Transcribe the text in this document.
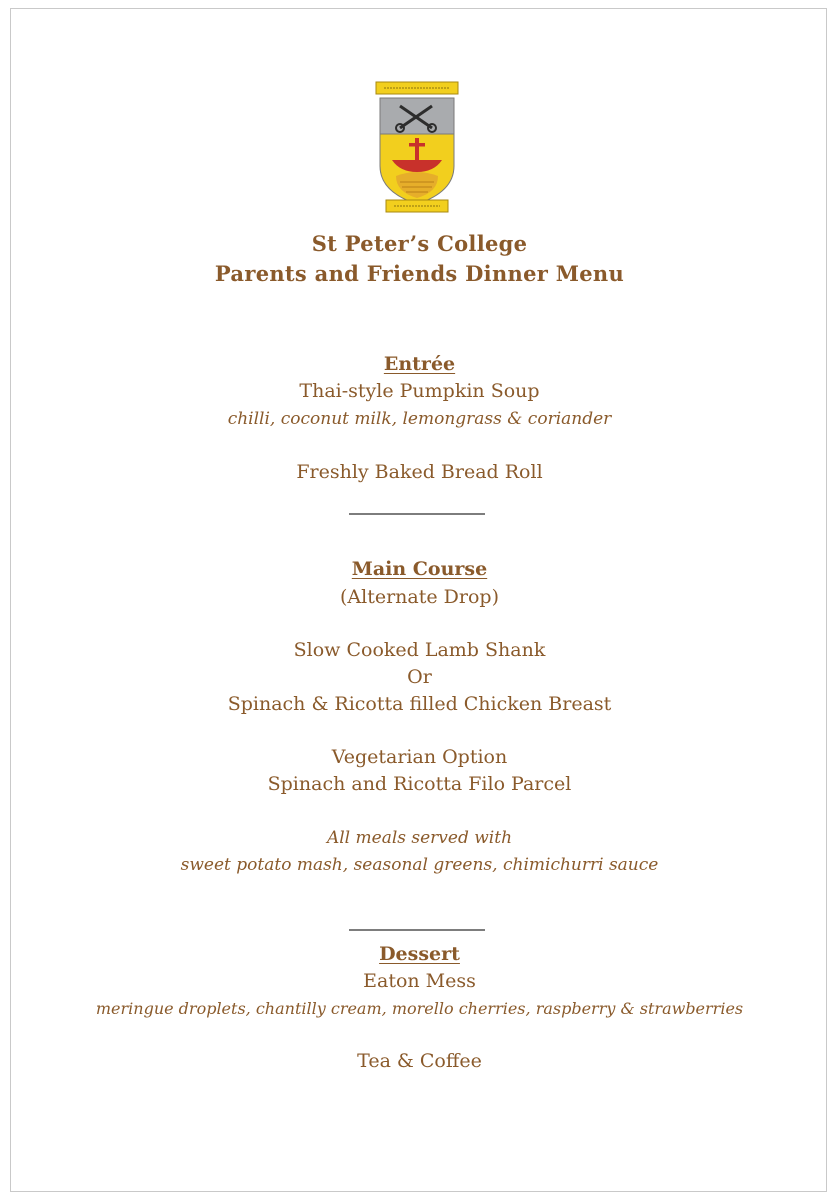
St Peter’s College
Parents and Friends Dinner Menu
Entrée
Thai-style Pumpkin Soup
chilli, coconut milk, lemongrass & coriander
Freshly Baked Bread Roll
Main Course
(Alternate Drop)
Slow Cooked Lamb Shank
Or
Spinach & Ricotta filled Chicken Breast
Vegetarian Option
Spinach and Ricotta Filo Parcel
All meals served with
sweet potato mash, seasonal greens, chimichurri sauce
Dessert
Eaton Mess
meringue droplets, chantilly cream, morello cherries, raspberry & strawberries
Tea & Coffee
